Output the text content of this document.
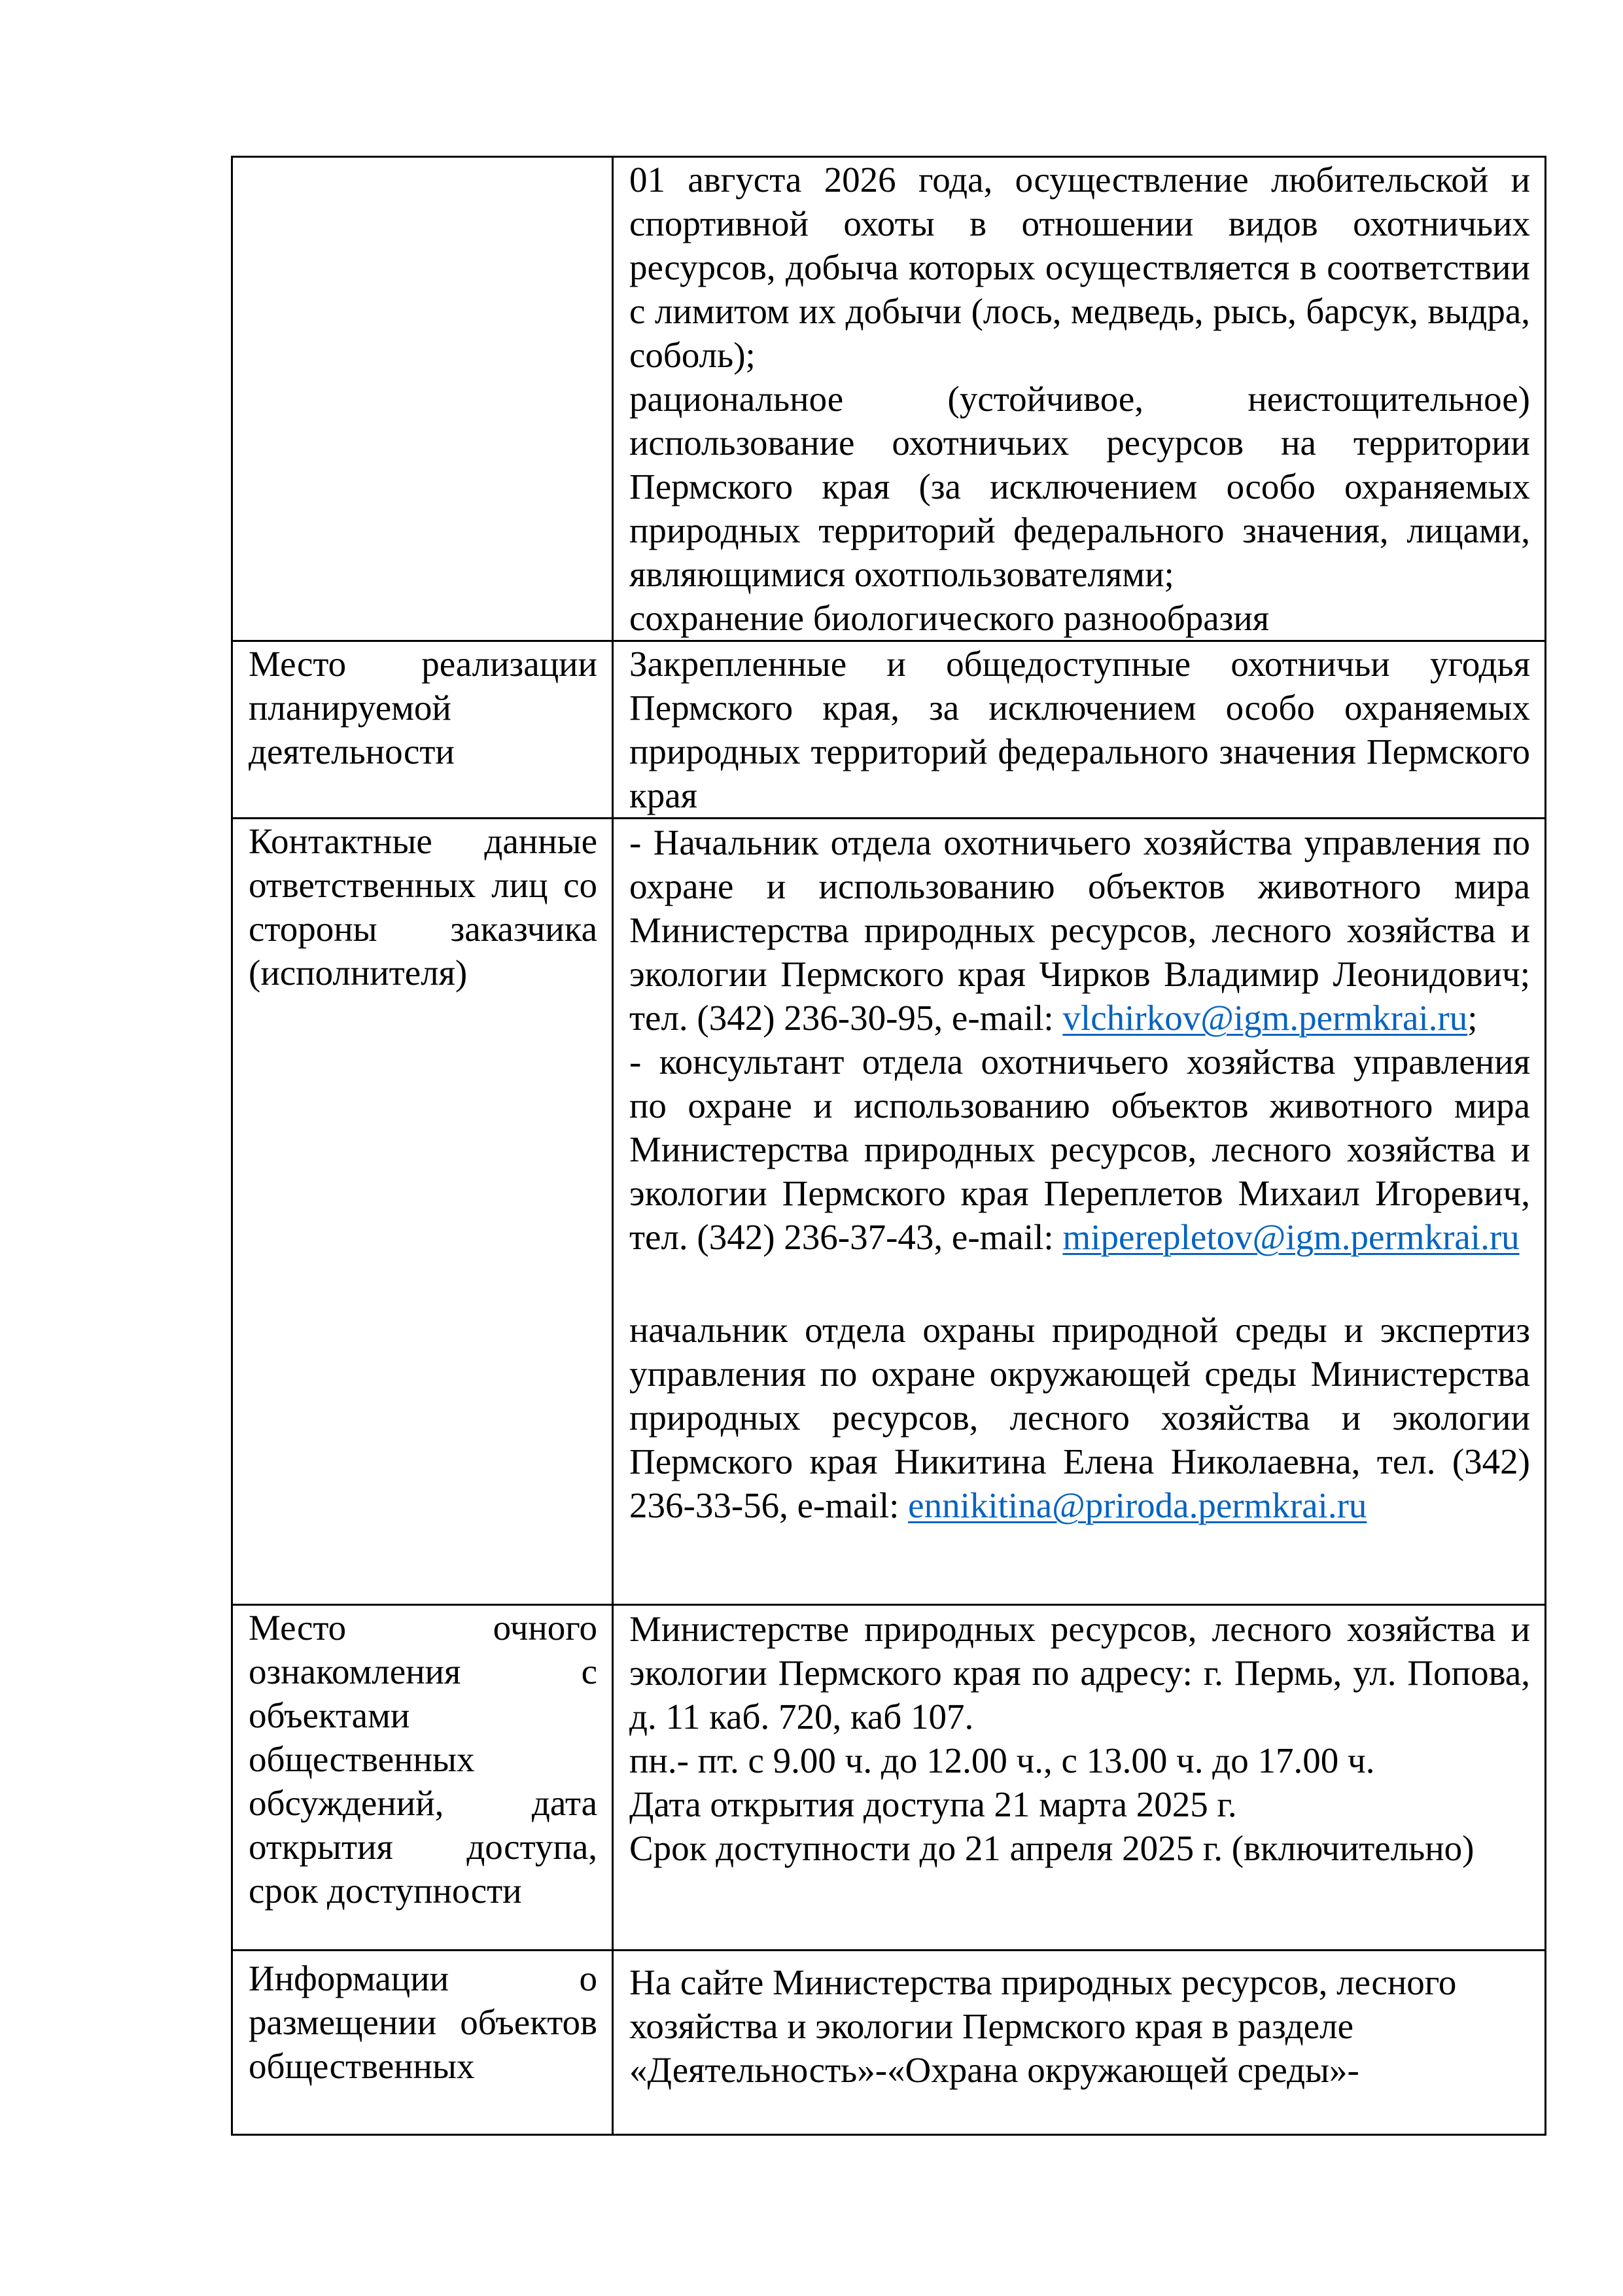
	01 августа 2026 года, осуществление любительской и спортивной охоты в отношении видов охотничьих ресурсов, добыча которых осуществляется в соответствии с лимитом их добычи (лось, медведь, рысь, барсук, выдра, соболь);
рациональное (устойчивое, неистощительное) использование охотничьих ресурсов на территории Пермского края (за исключением особо охраняемых природных территорий федерального значения, лицами, являющимися охотпользователями;
сохранение биологического разнообразия

Место реализации планируемой деятельности	Закрепленные и общедоступные охотничьи угодья Пермского края, за исключением особо охраняемых природных территорий федерального значения Пермского края

Контактные данные ответственных лиц со стороны заказчика (исполнителя)	- Начальник отдела охотничьего хозяйства управления по охране и использованию объектов животного мира Министерства природных ресурсов, лесного хозяйства и экологии Пермского края Чирков Владимир Леонидович; тел. (342) 236-30-95, e-mail: vlchirkov@igm.permkrai.ru;
- консультант отдела охотничьего хозяйства управления по охране и использованию объектов животного мира Министерства природных ресурсов, лесного хозяйства и экологии Пермского края Переплетов Михаил Игоревич, тел. (342) 236-37-43, e-mail: miperepletov@igm.permkrai.ru
начальник отдела охраны природной среды и экспертиз управления по охране окружающей среды Министерства природных ресурсов, лесного хозяйства и экологии Пермского края Никитина Елена Николаевна, тел. (342) 236-33-56, e-mail: ennikitina@priroda.permkrai.ru

Место очного ознакомления с объектами общественных обсуждений, дата открытия доступа, срок доступности	Министерстве природных ресурсов, лесного хозяйства и экологии Пермского края по адресу: г. Пермь, ул. Попова, д. 11 каб. 720, каб 107.
пн.- пт. с 9.00 ч. до 12.00 ч., с 13.00 ч. до 17.00 ч.
Дата открытия доступа 21 марта 2025 г.
Срок доступности до 21 апреля 2025 г. (включительно)

Информации о размещении объектов общественных	На сайте Министерства природных ресурсов, лесного хозяйства и экологии Пермского края в разделе «Деятельность»-«Охрана окружающей среды»-
